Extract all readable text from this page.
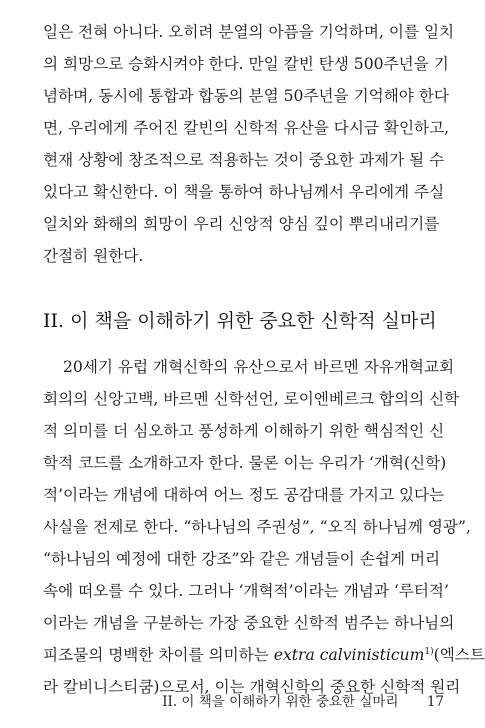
일은 전혀 아니다. 오히려 분열의 아픔을 기억하며, 이를 일치
의 희망으로 승화시켜야 한다. 만일 칼빈 탄생 500주년을 기
념하며, 동시에 통합과 합동의 분열 50주년을 기억해야 한다
면, 우리에게 주어진 칼빈의 신학적 유산을 다시금 확인하고,
현재 상황에 창조적으로 적용하는 것이 중요한 과제가 될 수
있다고 확신한다. 이 책을 통하여 하나님께서 우리에게 주실
일치와 화해의 희망이 우리 신앙적 양심 깊이 뿌리내리기를
간절히 원한다.
II. 이 책을 이해하기 위한 중요한 신학적 실마리
20세기 유럽 개혁신학의 유산으로서 바르멘 자유개혁교회
회의의 신앙고백, 바르멘 신학선언, 로이엔베르크 합의의 신학
적 의미를 더 심오하고 풍성하게 이해하기 위한 핵심적인 신
학적 코드를 소개하고자 한다. 물론 이는 우리가 ‘개혁(신학)
적’이라는 개념에 대하여 어느 정도 공감대를 가지고 있다는
사실을 전제로 한다. “하나님의 주권성”, “오직 하나님께 영광”,
“하나님의 예정에 대한 강조”와 같은 개념들이 손쉽게 머리
속에 떠오를 수 있다. 그러나 ‘개혁적’이라는 개념과 ‘루터적’
이라는 개념을 구분하는 가장 중요한 신학적 범주는 하나님의
피조물의 명백한 차이를 의미하는 extra calvinisticum$^{1)}$(엑스트
라 칼비니스티쿰)으로서, 이는 개혁신학의 중요한 신학적 원리
II. 이 책을 이해하기 위한 중요한 실마리 17
